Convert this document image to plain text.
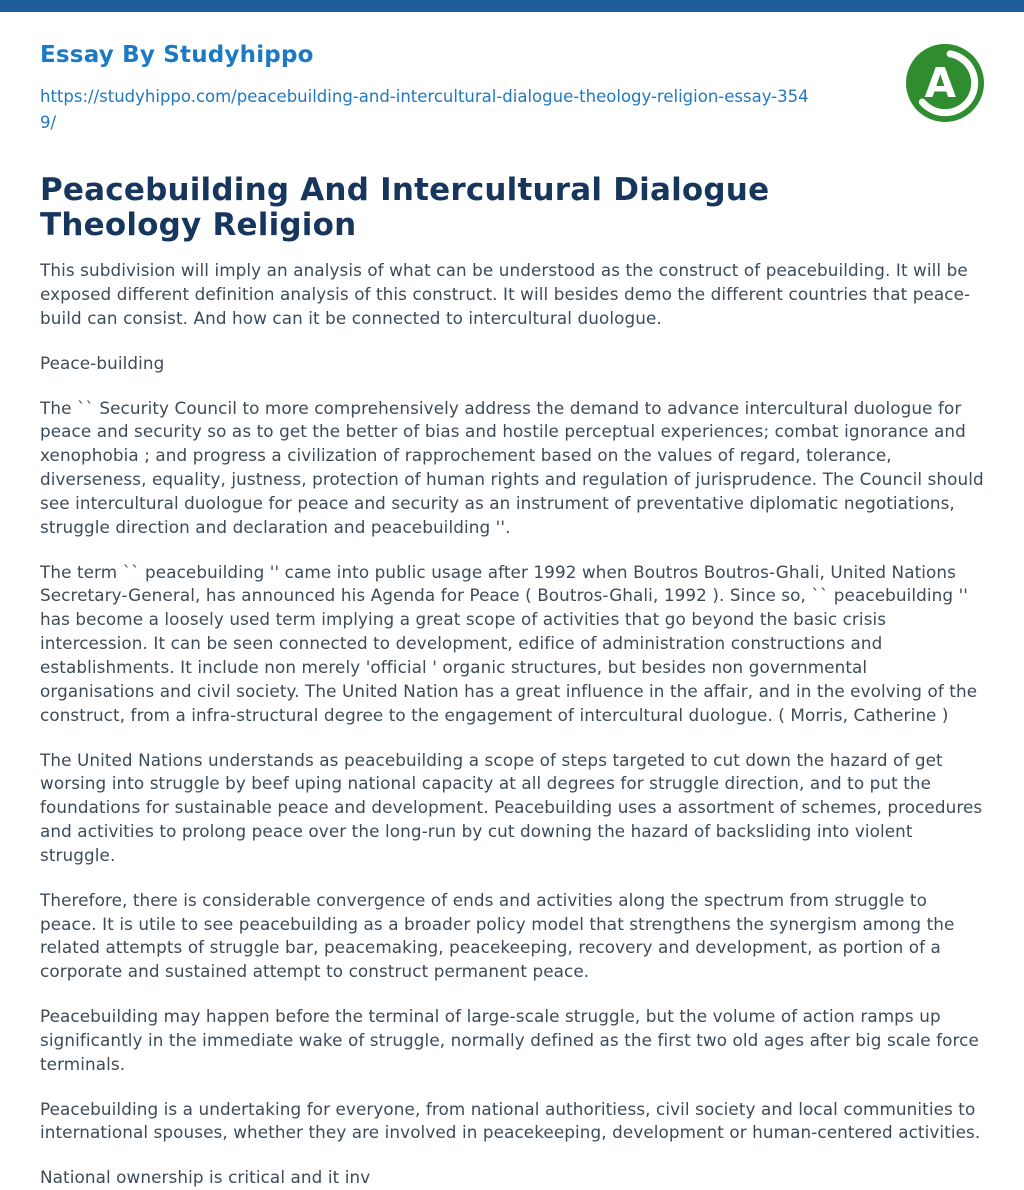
Essay By Studyhippo
https://studyhippo.com/peacebuilding-and-intercultural-dialogue-theology-religion-essay-3549/
A
Peacebuilding And Intercultural Dialogue Theology Religion

This subdivision will imply an analysis of what can be understood as the construct of peacebuilding. It will be exposed different definition analysis of this construct. It will besides demo the different countries that peace-build can consist. And how can it be connected to intercultural duologue.

Peace-building

The `` Security Council to more comprehensively address the demand to advance intercultural duologue for peace and security so as to get the better of bias and hostile perceptual experiences; combat ignorance and xenophobia ; and progress a civilization of rapprochement based on the values of regard, tolerance, diverseness, equality, justness, protection of human rights and regulation of jurisprudence. The Council should see intercultural duologue for peace and security as an instrument of preventative diplomatic negotiations, struggle direction and declaration and peacebuilding ''.

The term `` peacebuilding '' came into public usage after 1992 when Boutros Boutros-Ghali, United Nations Secretary-General, has announced his Agenda for Peace ( Boutros-Ghali, 1992 ). Since so, `` peacebuilding '' has become a loosely used term implying a great scope of activities that go beyond the basic crisis intercession. It can be seen connected to development, edifice of administration constructions and establishments. It include non merely 'official ' organic structures, but besides non governmental organisations and civil society. The United Nation has a great influence in the affair, and in the evolving of the construct, from a infra-structural degree to the engagement of intercultural duologue. ( Morris, Catherine )

The United Nations understands as peacebuilding a scope of steps targeted to cut down the hazard of get worsing into struggle by beef uping national capacity at all degrees for struggle direction, and to put the foundations for sustainable peace and development. Peacebuilding uses a assortment of schemes, procedures and activities to prolong peace over the long-run by cut downing the hazard of backsliding into violent struggle.

Therefore, there is considerable convergence of ends and activities along the spectrum from struggle to peace. It is utile to see peacebuilding as a broader policy model that strengthens the synergism among the related attempts of struggle bar, peacemaking, peacekeeping, recovery and development, as portion of a corporate and sustained attempt to construct permanent peace.

Peacebuilding may happen before the terminal of large-scale struggle, but the volume of action ramps up significantly in the immediate wake of struggle, normally defined as the first two old ages after big scale force terminals.

Peacebuilding is a undertaking for everyone, from national authoritiess, civil society and local communities to international spouses, whether they are involved in peacekeeping, development or human-centered activities.

National ownership is critical and it inv
